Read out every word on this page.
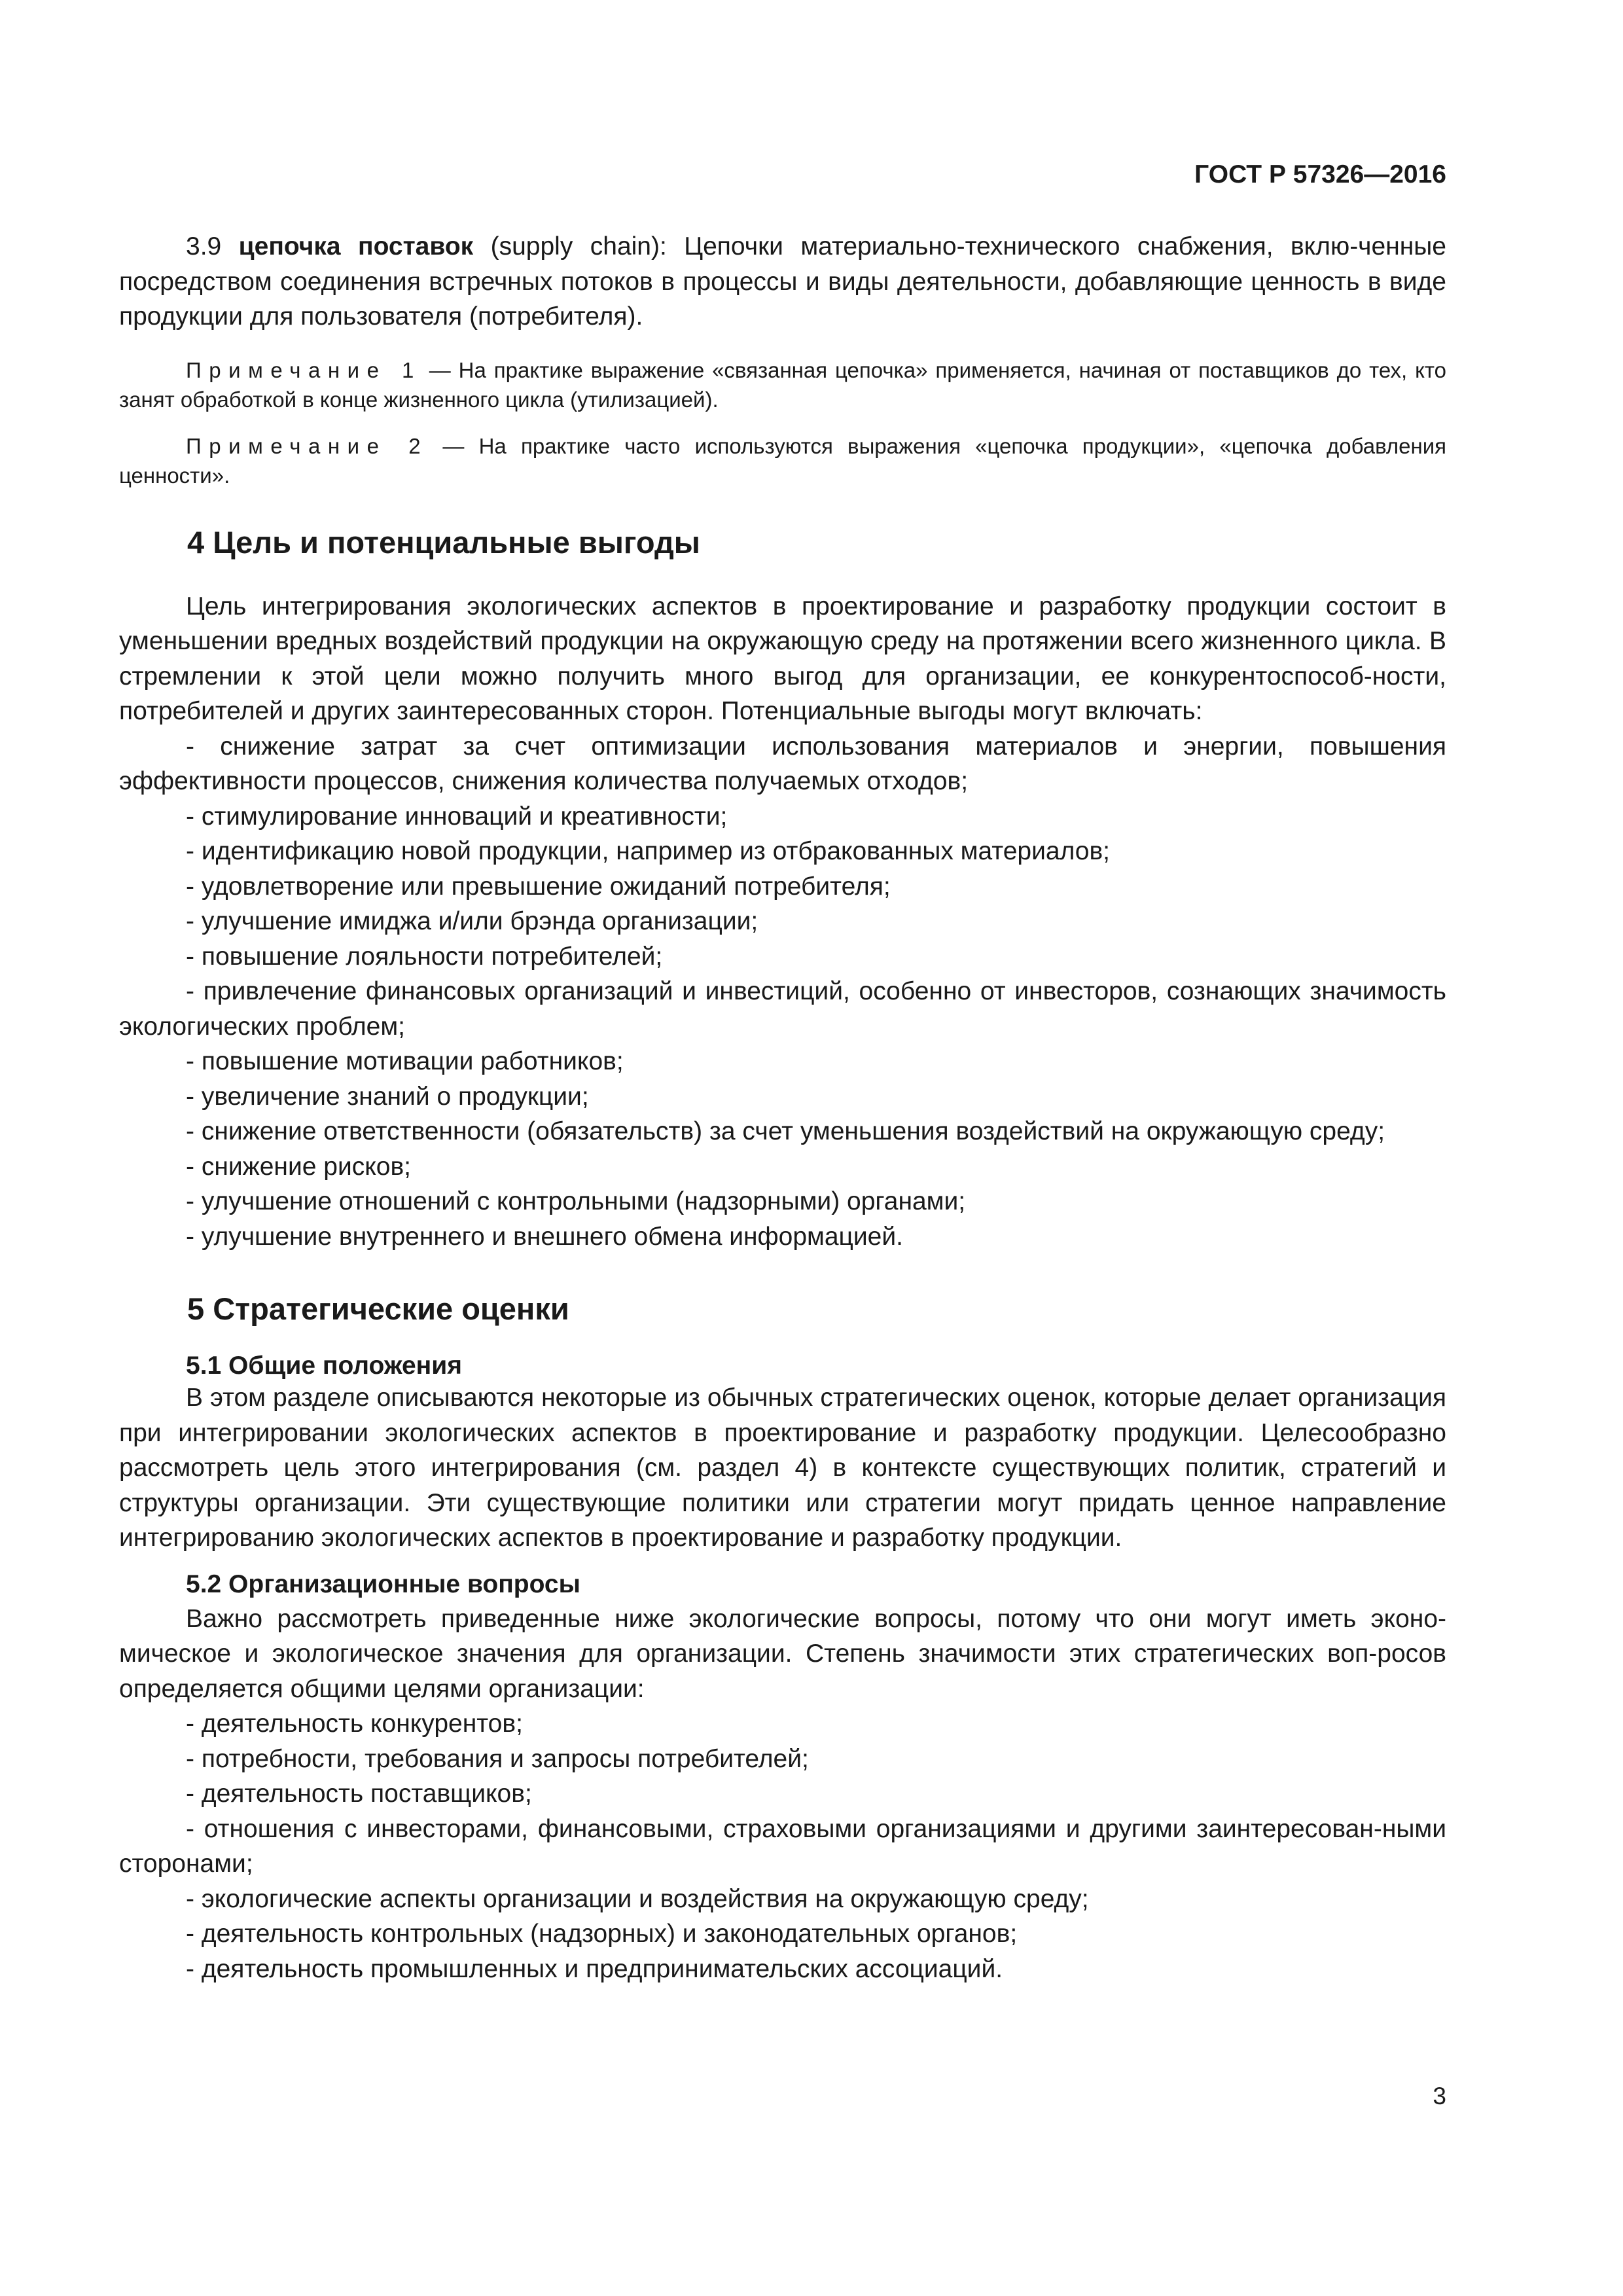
ГОСТ Р 57326—2016

3.9 цепочка поставок (supply chain): Цепочки материально-технического снабжения, вклю-ченные посредством соединения встречных потоков в процессы и виды деятельности, добавляющие ценность в виде продукции для пользователя (потребителя).

Примечание 1 — На практике выражение «связанная цепочка» применяется, начиная от поставщиков до тех, кто занят обработкой в конце жизненного цикла (утилизацией).

Примечание 2 — На практике часто используются выражения «цепочка продукции», «цепочка добавления ценности».

4 Цель и потенциальные выгоды

Цель интегрирования экологических аспектов в проектирование и разработку продукции состоит в уменьшении вредных воздействий продукции на окружающую среду на протяжении всего жизненного цикла. В стремлении к этой цели можно получить много выгод для организации, ее конкурентоспособ-ности, потребителей и других заинтересованных сторон. Потенциальные выгоды могут включать:

- снижение затрат за счет оптимизации использования материалов и энергии, повышения эффективности процессов, снижения количества получаемых отходов;

- стимулирование инноваций и креативности;

- идентификацию новой продукции, например из отбракованных материалов;

- удовлетворение или превышение ожиданий потребителя;

- улучшение имиджа и/или брэнда организации;

- повышение лояльности потребителей;

- привлечение финансовых организаций и инвестиций, особенно от инвесторов, сознающих значимость экологических проблем;

- повышение мотивации работников;

- увеличение знаний о продукции;

- снижение ответственности (обязательств) за счет уменьшения воздействий на окружающую среду;

- снижение рисков;

- улучшение отношений с контрольными (надзорными) органами;

- улучшение внутреннего и внешнего обмена информацией.

5 Стратегические оценки
5.1 Общие положения

В этом разделе описываются некоторые из обычных стратегических оценок, которые делает организация при интегрировании экологических аспектов в проектирование и разработку продукции. Целесообразно рассмотреть цель этого интегрирования (см. раздел 4) в контексте существующих политик, стратегий и структуры организации. Эти существующие политики или стратегии могут придать ценное направление интегрированию экологических аспектов в проектирование и разработку продукции.

5.2 Организационные вопросы

Важно рассмотреть приведенные ниже экологические вопросы, потому что они могут иметь эконо-мическое и экологическое значения для организации. Степень значимости этих стратегических воп-росов определяется общими целями организации:

- деятельность конкурентов;

- потребности, требования и запросы потребителей;

- деятельность поставщиков;

- отношения с инвесторами, финансовыми, страховыми организациями и другими заинтересован-ными сторонами;

- экологические аспекты организации и воздействия на окружающую среду;

- деятельность контрольных (надзорных) и законодательных органов;

- деятельность промышленных и предпринимательских ассоциаций.

3
